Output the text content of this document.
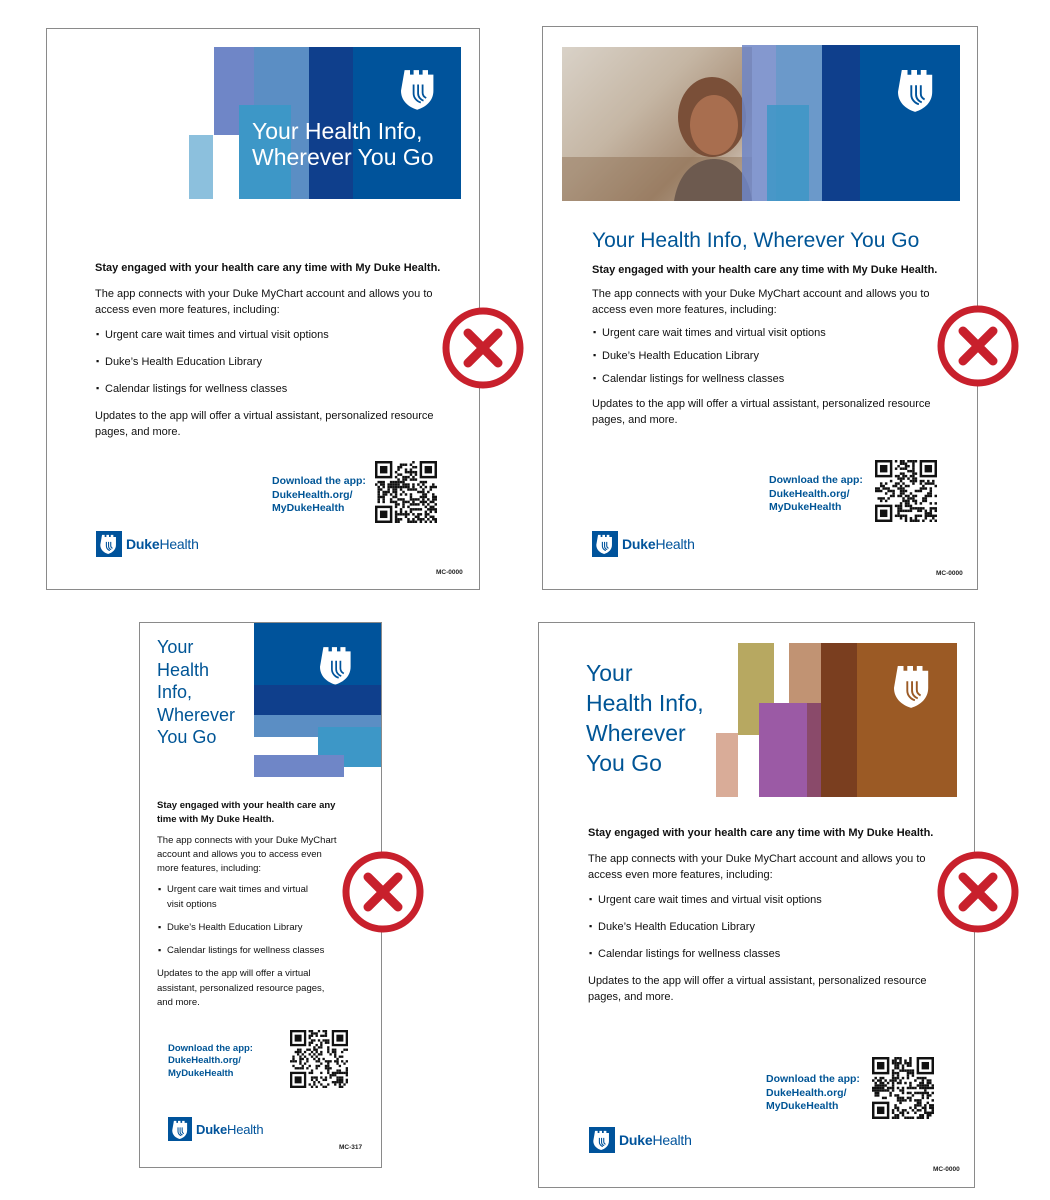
Your Health Info,
Wherever You Go

Stay engaged with your health care any time with My Duke Health.

The app connects with your Duke MyChart account and allows you to access even more features, including:

▪ Urgent care wait times and virtual visit options
▪ Duke’s Health Education Library
▪ Calendar listings for wellness classes

Updates to the app will offer a virtual assistant, personalized resource pages, and more.

Download the app:
DukeHealth.org/
MyDukeHealth
DukeHealth
MC-0000
Your Health Info, Wherever You Go

Stay engaged with your health care any time with My Duke Health.

The app connects with your Duke MyChart account and allows you to access even more features, including:

▪ Urgent care wait times and virtual visit options
▪ Duke’s Health Education Library
▪ Calendar listings for wellness classes

Updates to the app will offer a virtual assistant, personalized resource pages, and more.

Download the app:
DukeHealth.org/
MyDukeHealth
DukeHealth
MC-0000
Your
Health
Info,
Wherever
You Go

Stay engaged with your health care any time with My Duke Health.

The app connects with your Duke MyChart account and allows you to access even more features, including:

▪ Urgent care wait times and virtual visit options
▪ Duke’s Health Education Library
▪ Calendar listings for wellness classes

Updates to the app will offer a virtual assistant, personalized resource pages, and more.

Download the app:
DukeHealth.org/
MyDukeHealth
DukeHealth
MC-317
Your
Health Info,
Wherever
You Go

Stay engaged with your health care any time with My Duke Health.

The app connects with your Duke MyChart account and allows you to access even more features, including:

▪ Urgent care wait times and virtual visit options
▪ Duke’s Health Education Library
▪ Calendar listings for wellness classes

Updates to the app will offer a virtual assistant, personalized resource pages, and more.

Download the app:
DukeHealth.org/
MyDukeHealth
DukeHealth
MC-0000
